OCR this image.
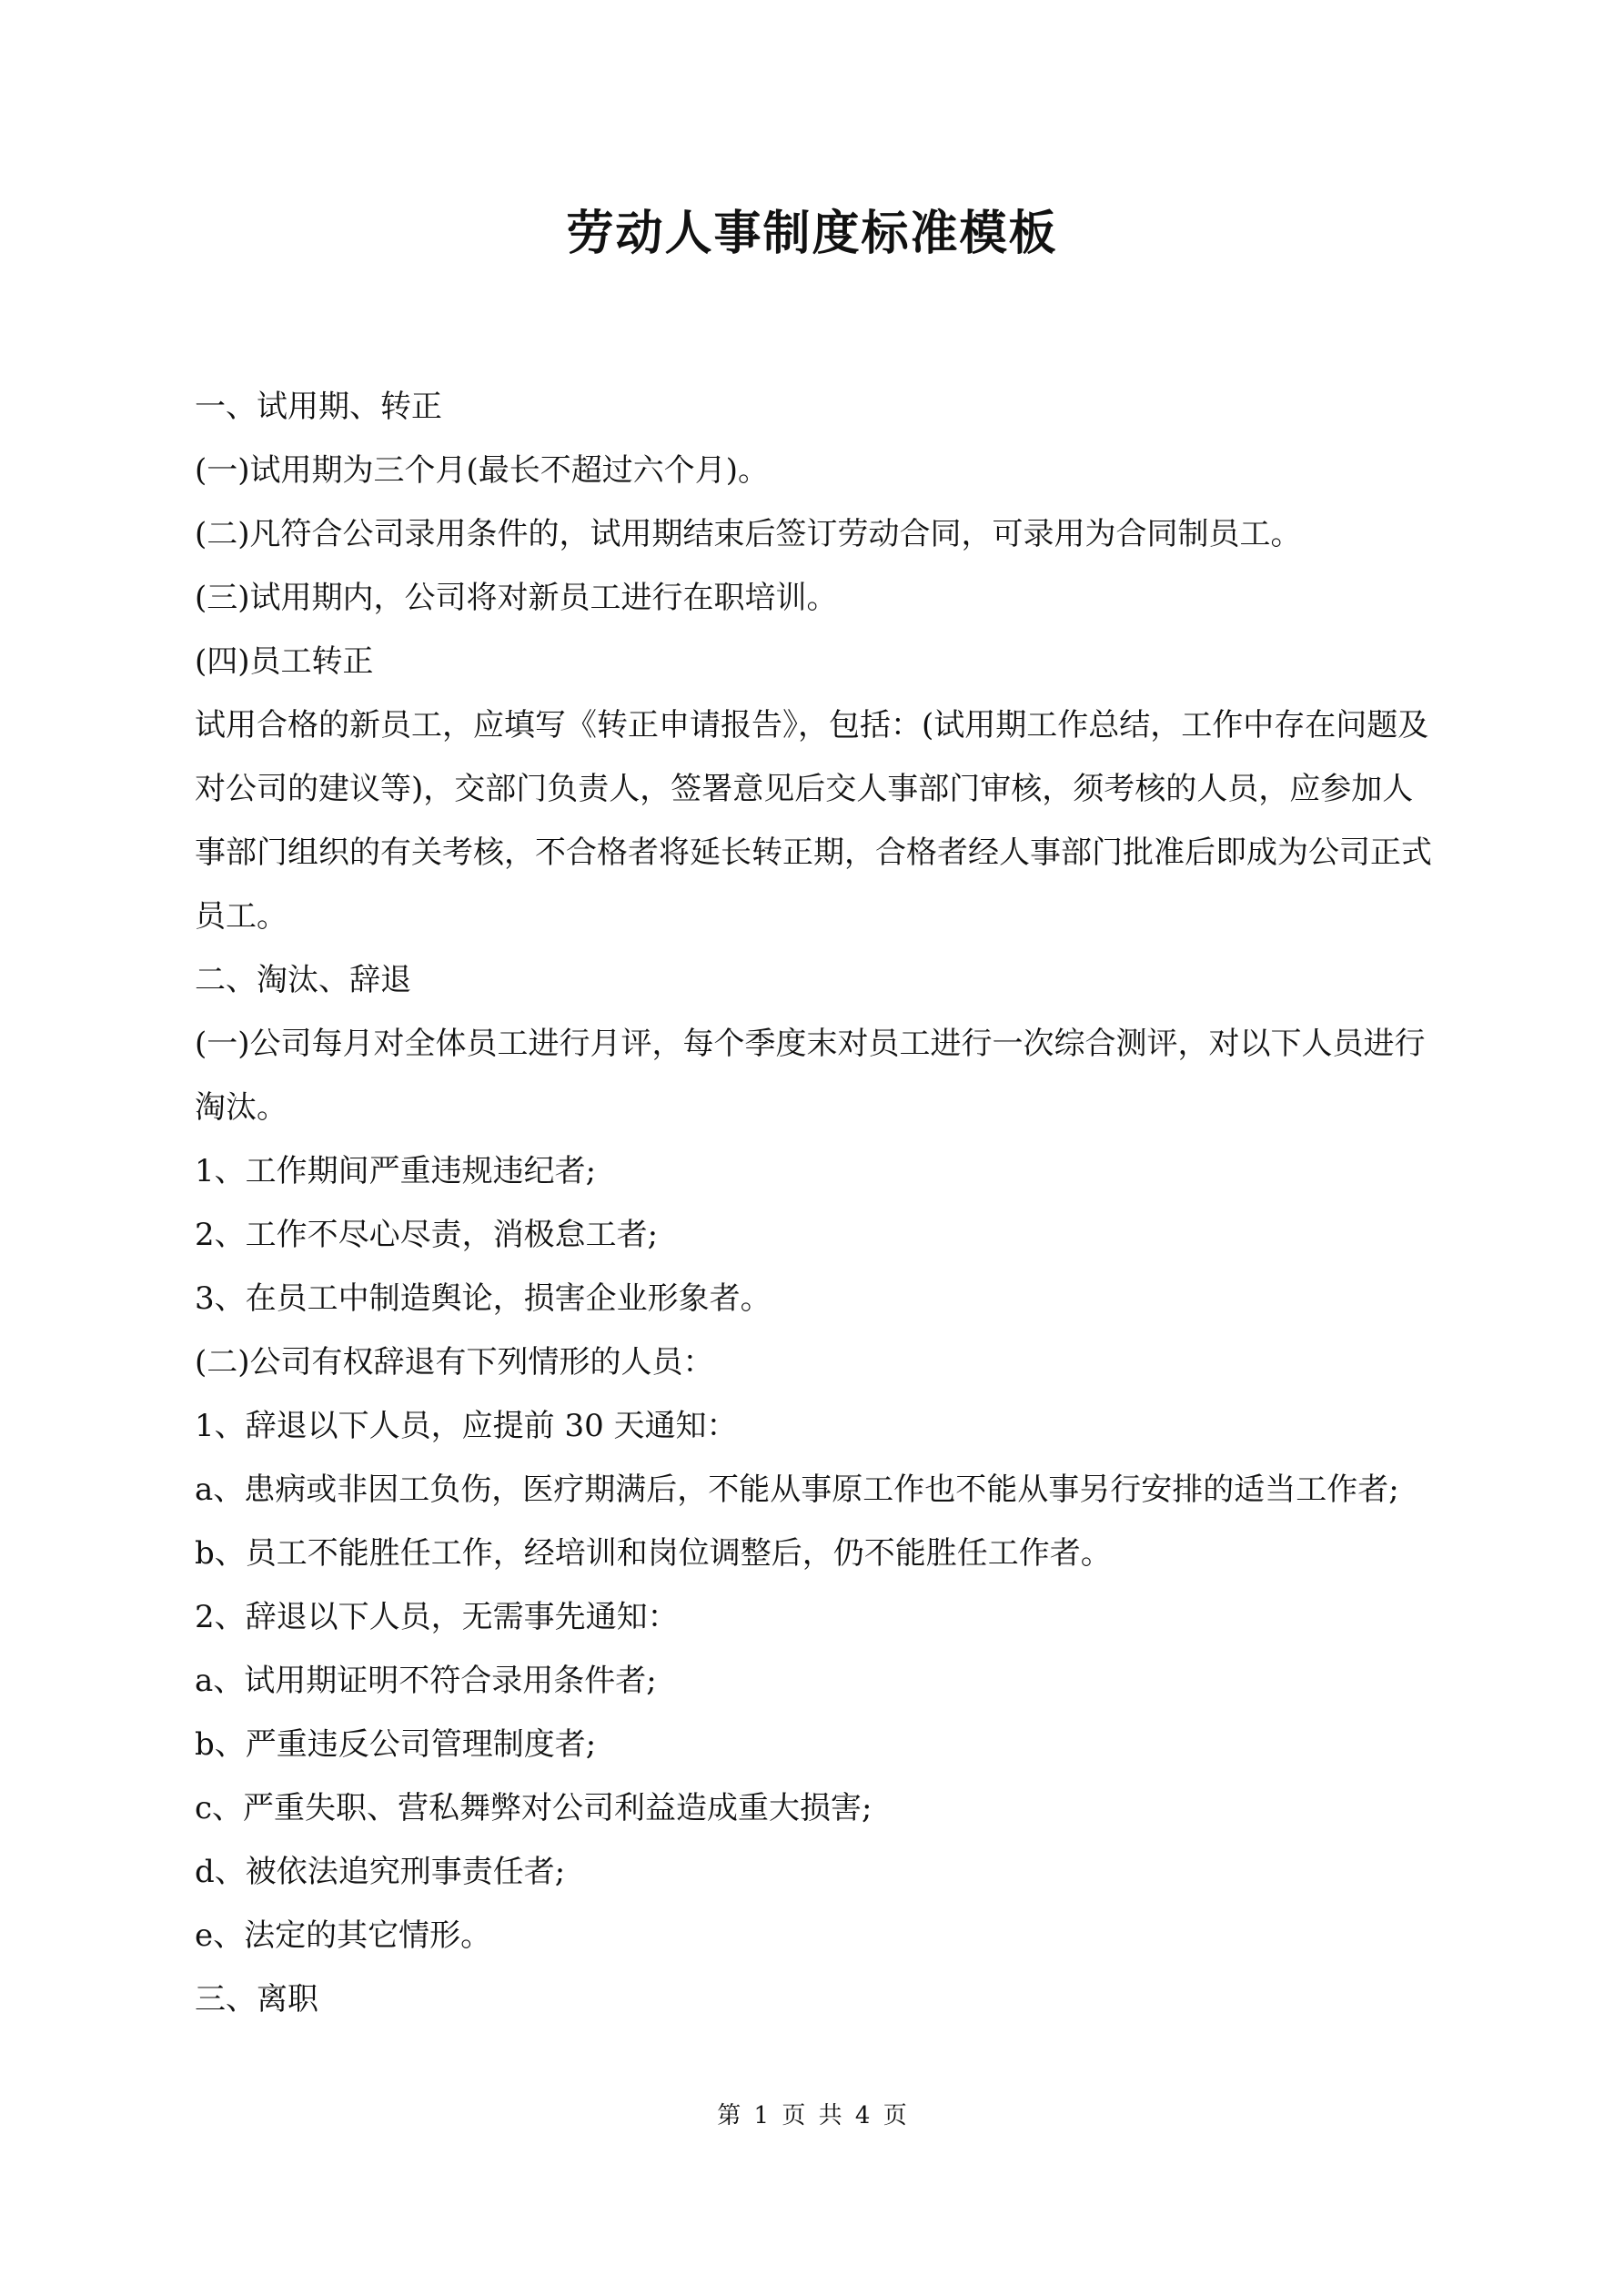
劳动人事制度标准模板

一、试用期、转正

(一)试用期为三个月(最长不超过六个月)。

(二)凡符合公司录用条件的，试用期结束后签订劳动合同，可录用为合同制员工。

(三)试用期内，公司将对新员工进行在职培训。

(四)员工转正

试用合格的新员工，应填写《转正申请报告》，包括：(试用期工作总结，工作中存在问题及对公司的建议等)，交部门负责人，签署意见后交人事部门审核，须考核的人员，应参加人事部门组织的有关考核，不合格者将延长转正期，合格者经人事部门批准后即成为公司正式员工。

二、淘汰、辞退

(一)公司每月对全体员工进行月评，每个季度末对员工进行一次综合测评，对以下人员进行淘汰。

1、工作期间严重违规违纪者;

2、工作不尽心尽责，消极怠工者;

3、在员工中制造舆论，损害企业形象者。

(二)公司有权辞退有下列情形的人员：

1、辞退以下人员，应提前 30 天通知：

a、患病或非因工负伤，医疗期满后，不能从事原工作也不能从事另行安排的适当工作者;

b、员工不能胜任工作，经培训和岗位调整后，仍不能胜任工作者。

2、辞退以下人员，无需事先通知：

a、试用期证明不符合录用条件者;

b、严重违反公司管理制度者;

c、严重失职、营私舞弊对公司利益造成重大损害;

d、被依法追究刑事责任者;

e、法定的其它情形。

三、离职

第 1 页 共 4 页
